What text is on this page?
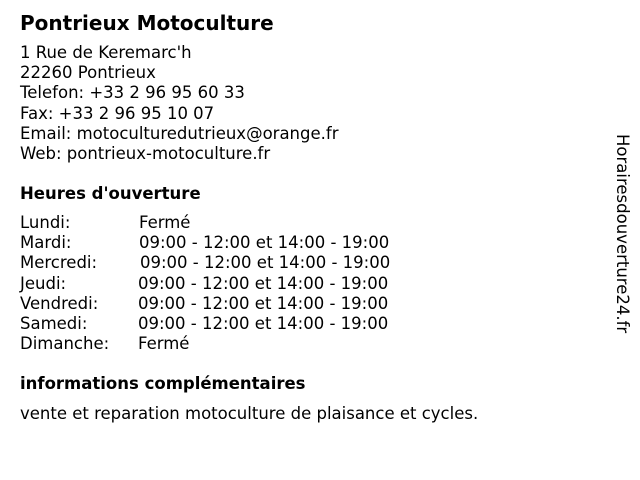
Pontrieux Motoculture
1 Rue de Keremarc'h
22260 Pontrieux
Telefon: +33 2 96 95 60 33
Fax: +33 2 96 95 10 07
Email: motoculturedutrieux@orange.fr
Web: pontrieux-motoculture.fr
Heures d'ouverture
Lundi:	Fermé
Mardi:	09:00 - 12:00 et 14:00 - 19:00
Mercredi:	09:00 - 12:00 et 14:00 - 19:00
Jeudi:	09:00 - 12:00 et 14:00 - 19:00
Vendredi: 09:00 - 12:00 et 14:00 - 19:00
Samedi:	09:00 - 12:00 et 14:00 - 19:00
Dimanche: Fermé
informations complémentaires
vente et reparation motoculture de plaisance et cycles.
Horairesdouverture24.fr
